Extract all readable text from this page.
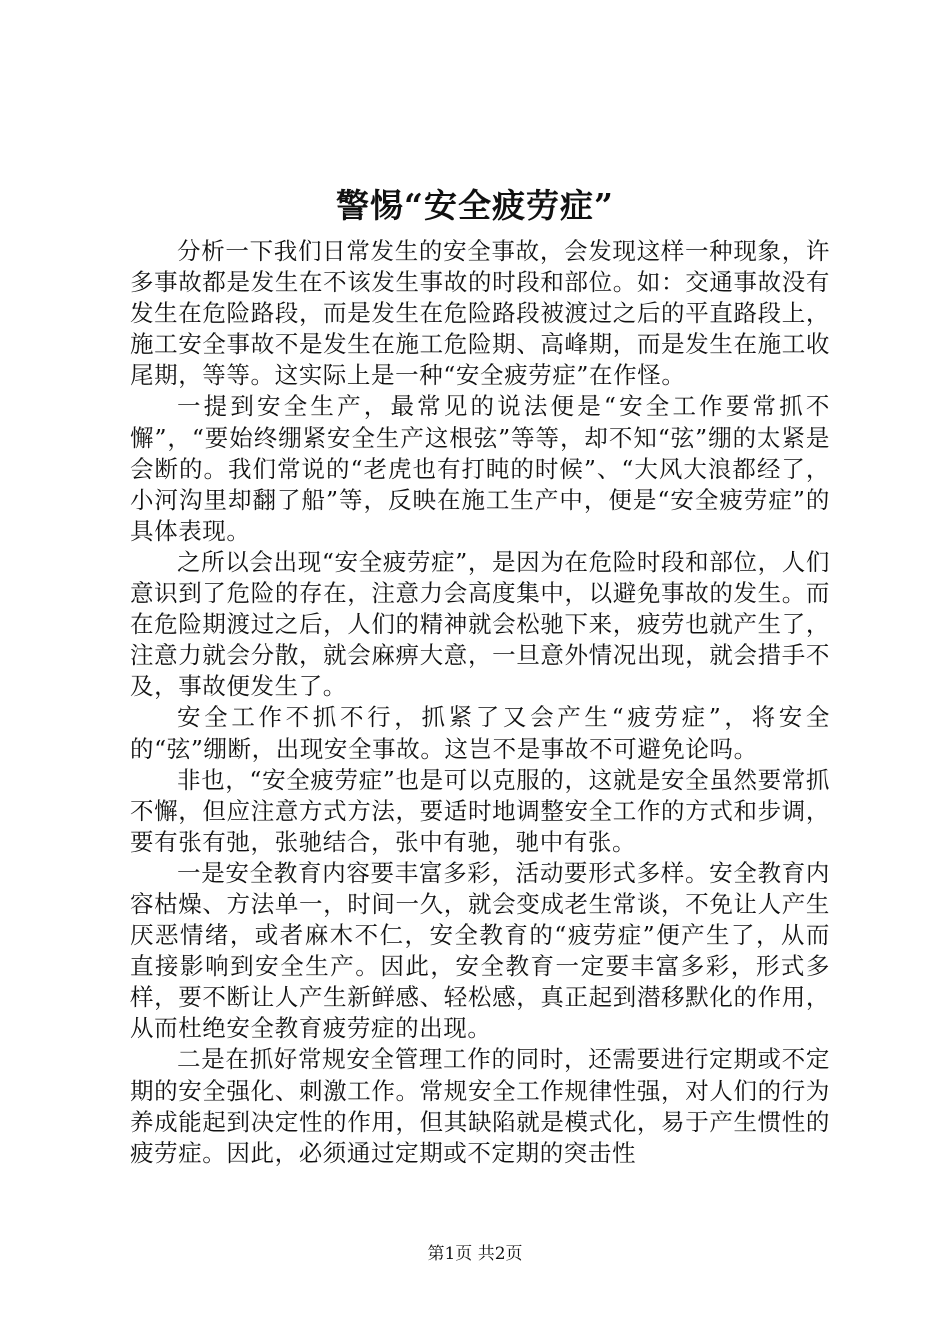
警惕“安全疲劳症”

分析一下我们日常发生的安全事故，会发现这样一种现象，许多事故都是发生在不该发生事故的时段和部位。如：交通事故没有发生在危险路段，而是发生在危险路段被渡过之后的平直路段上，施工安全事故不是发生在施工危险期、高峰期，而是发生在施工收尾期，等等。这实际上是一种“安全疲劳症”在作怪。

一提到安全生产，最常见的说法便是“安全工作要常抓不懈”，“要始终绷紧安全生产这根弦”等等，却不知“弦”绷的太紧是会断的。我们常说的“老虎也有打盹的时候”、“大风大浪都经了，小河沟里却翻了船”等，反映在施工生产中，便是“安全疲劳症”的具体表现。

之所以会出现“安全疲劳症”，是因为在危险时段和部位，人们意识到了危险的存在，注意力会高度集中，以避免事故的发生。而在危险期渡过之后，人们的精神就会松驰下来，疲劳也就产生了，注意力就会分散，就会麻痹大意，一旦意外情况出现，就会措手不及，事故便发生了。

安全工作不抓不行，抓紧了又会产生“疲劳症”，将安全的“弦”绷断，出现安全事故。这岂不是事故不可避免论吗。

非也，“安全疲劳症”也是可以克服的，这就是安全虽然要常抓不懈，但应注意方式方法，要适时地调整安全工作的方式和步调，要有张有弛，张驰结合，张中有驰，驰中有张。

一是安全教育内容要丰富多彩，活动要形式多样。安全教育内容枯燥、方法单一，时间一久，就会变成老生常谈，不免让人产生厌恶情绪，或者麻木不仁，安全教育的“疲劳症”便产生了，从而直接影响到安全生产。因此，安全教育一定要丰富多彩，形式多样，要不断让人产生新鲜感、轻松感，真正起到潜移默化的作用，从而杜绝安全教育疲劳症的出现。

二是在抓好常规安全管理工作的同时，还需要进行定期或不定期的安全强化、刺激工作。常规安全工作规律性强，对人们的行为养成能起到决定性的作用，但其缺陷就是模式化，易于产生惯性的疲劳症。因此，必须通过定期或不定期的突击性

第1页 共2页
